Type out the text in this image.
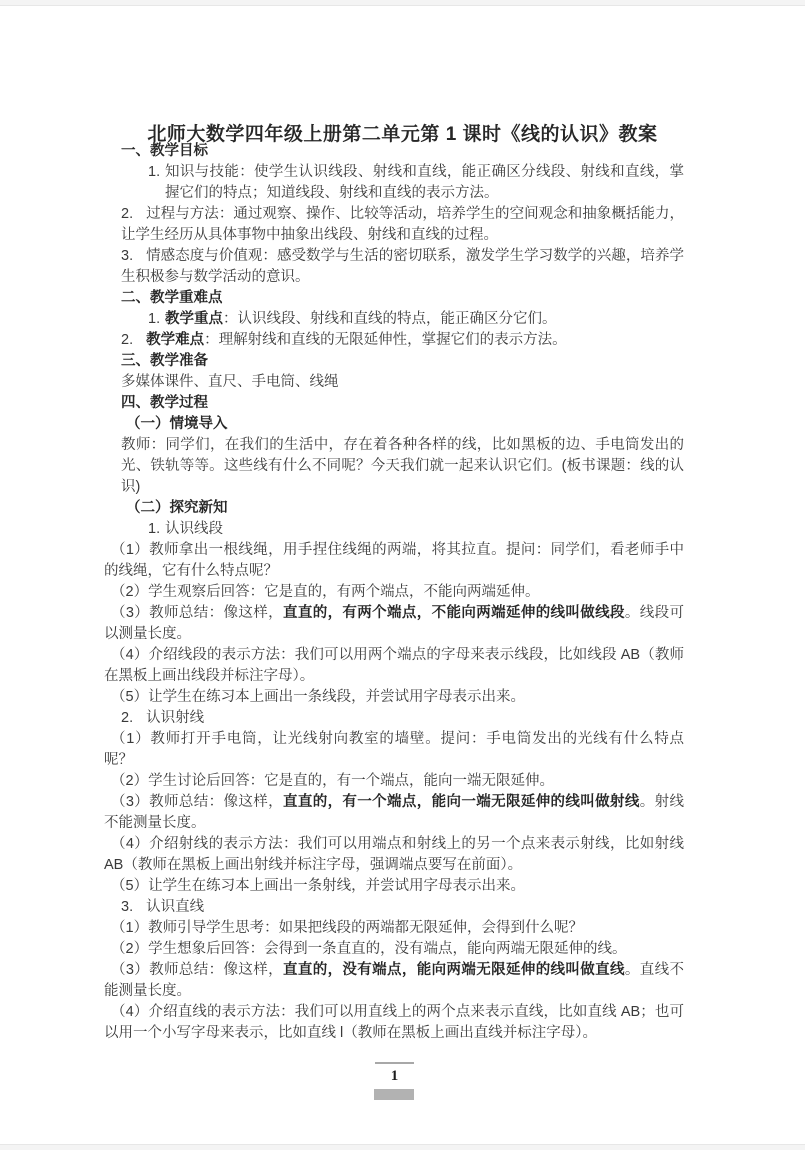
北师大数学四年级上册第二单元第 1 课时《线的认识》教案

一、教学目标

1. 知识与技能：使学生认识线段、射线和直线，能正确区分线段、射线和直线，掌握它们的特点；知道线段、射线和直线的表示方法。

2. 过程与方法：通过观察、操作、比较等活动，培养学生的空间观念和抽象概括能力，让学生经历从具体事物中抽象出线段、射线和直线的过程。

3. 情感态度与价值观：感受数学与生活的密切联系，激发学生学习数学的兴趣，培养学生积极参与数学活动的意识。

二、教学重难点

1. 教学重点：认识线段、射线和直线的特点，能正确区分它们。

2. 教学难点：理解射线和直线的无限延伸性，掌握它们的表示方法。

三、教学准备

多媒体课件、直尺、手电筒、线绳

四、教学过程

（一）情境导入

教师：同学们，在我们的生活中，存在着各种各样的线，比如黑板的边、手电筒发出的光、铁轨等等。这些线有什么不同呢？今天我们就一起来认识它们。(板书课题：线的认识)

（二）探究新知

1. 认识线段

（1）教师拿出一根线绳，用手捏住线绳的两端，将其拉直。提问：同学们，看老师手中的线绳，它有什么特点呢？

（2）学生观察后回答：它是直的，有两个端点，不能向两端延伸。

（3）教师总结：像这样，直直的，有两个端点，不能向两端延伸的线叫做线段。线段可以测量长度。

（4）介绍线段的表示方法：我们可以用两个端点的字母来表示线段，比如线段 AB（教师在黑板上画出线段并标注字母）。

（5）让学生在练习本上画出一条线段，并尝试用字母表示出来。

2. 认识射线

（1）教师打开手电筒，让光线射向教室的墙壁。提问：手电筒发出的光线有什么特点呢？

（2）学生讨论后回答：它是直的，有一个端点，能向一端无限延伸。

（3）教师总结：像这样，直直的，有一个端点，能向一端无限延伸的线叫做射线。射线不能测量长度。

（4）介绍射线的表示方法：我们可以用端点和射线上的另一个点来表示射线，比如射线 AB（教师在黑板上画出射线并标注字母，强调端点要写在前面）。

（5）让学生在练习本上画出一条射线，并尝试用字母表示出来。

3. 认识直线

（1）教师引导学生思考：如果把线段的两端都无限延伸，会得到什么呢？

（2）学生想象后回答：会得到一条直直的，没有端点，能向两端无限延伸的线。

（3）教师总结：像这样，直直的，没有端点，能向两端无限延伸的线叫做直线。直线不能测量长度。

（4）介绍直线的表示方法：我们可以用直线上的两个点来表示直线，比如直线 AB；也可以用一个小写字母来表示，比如直线 l（教师在黑板上画出直线并标注字母）。

1
